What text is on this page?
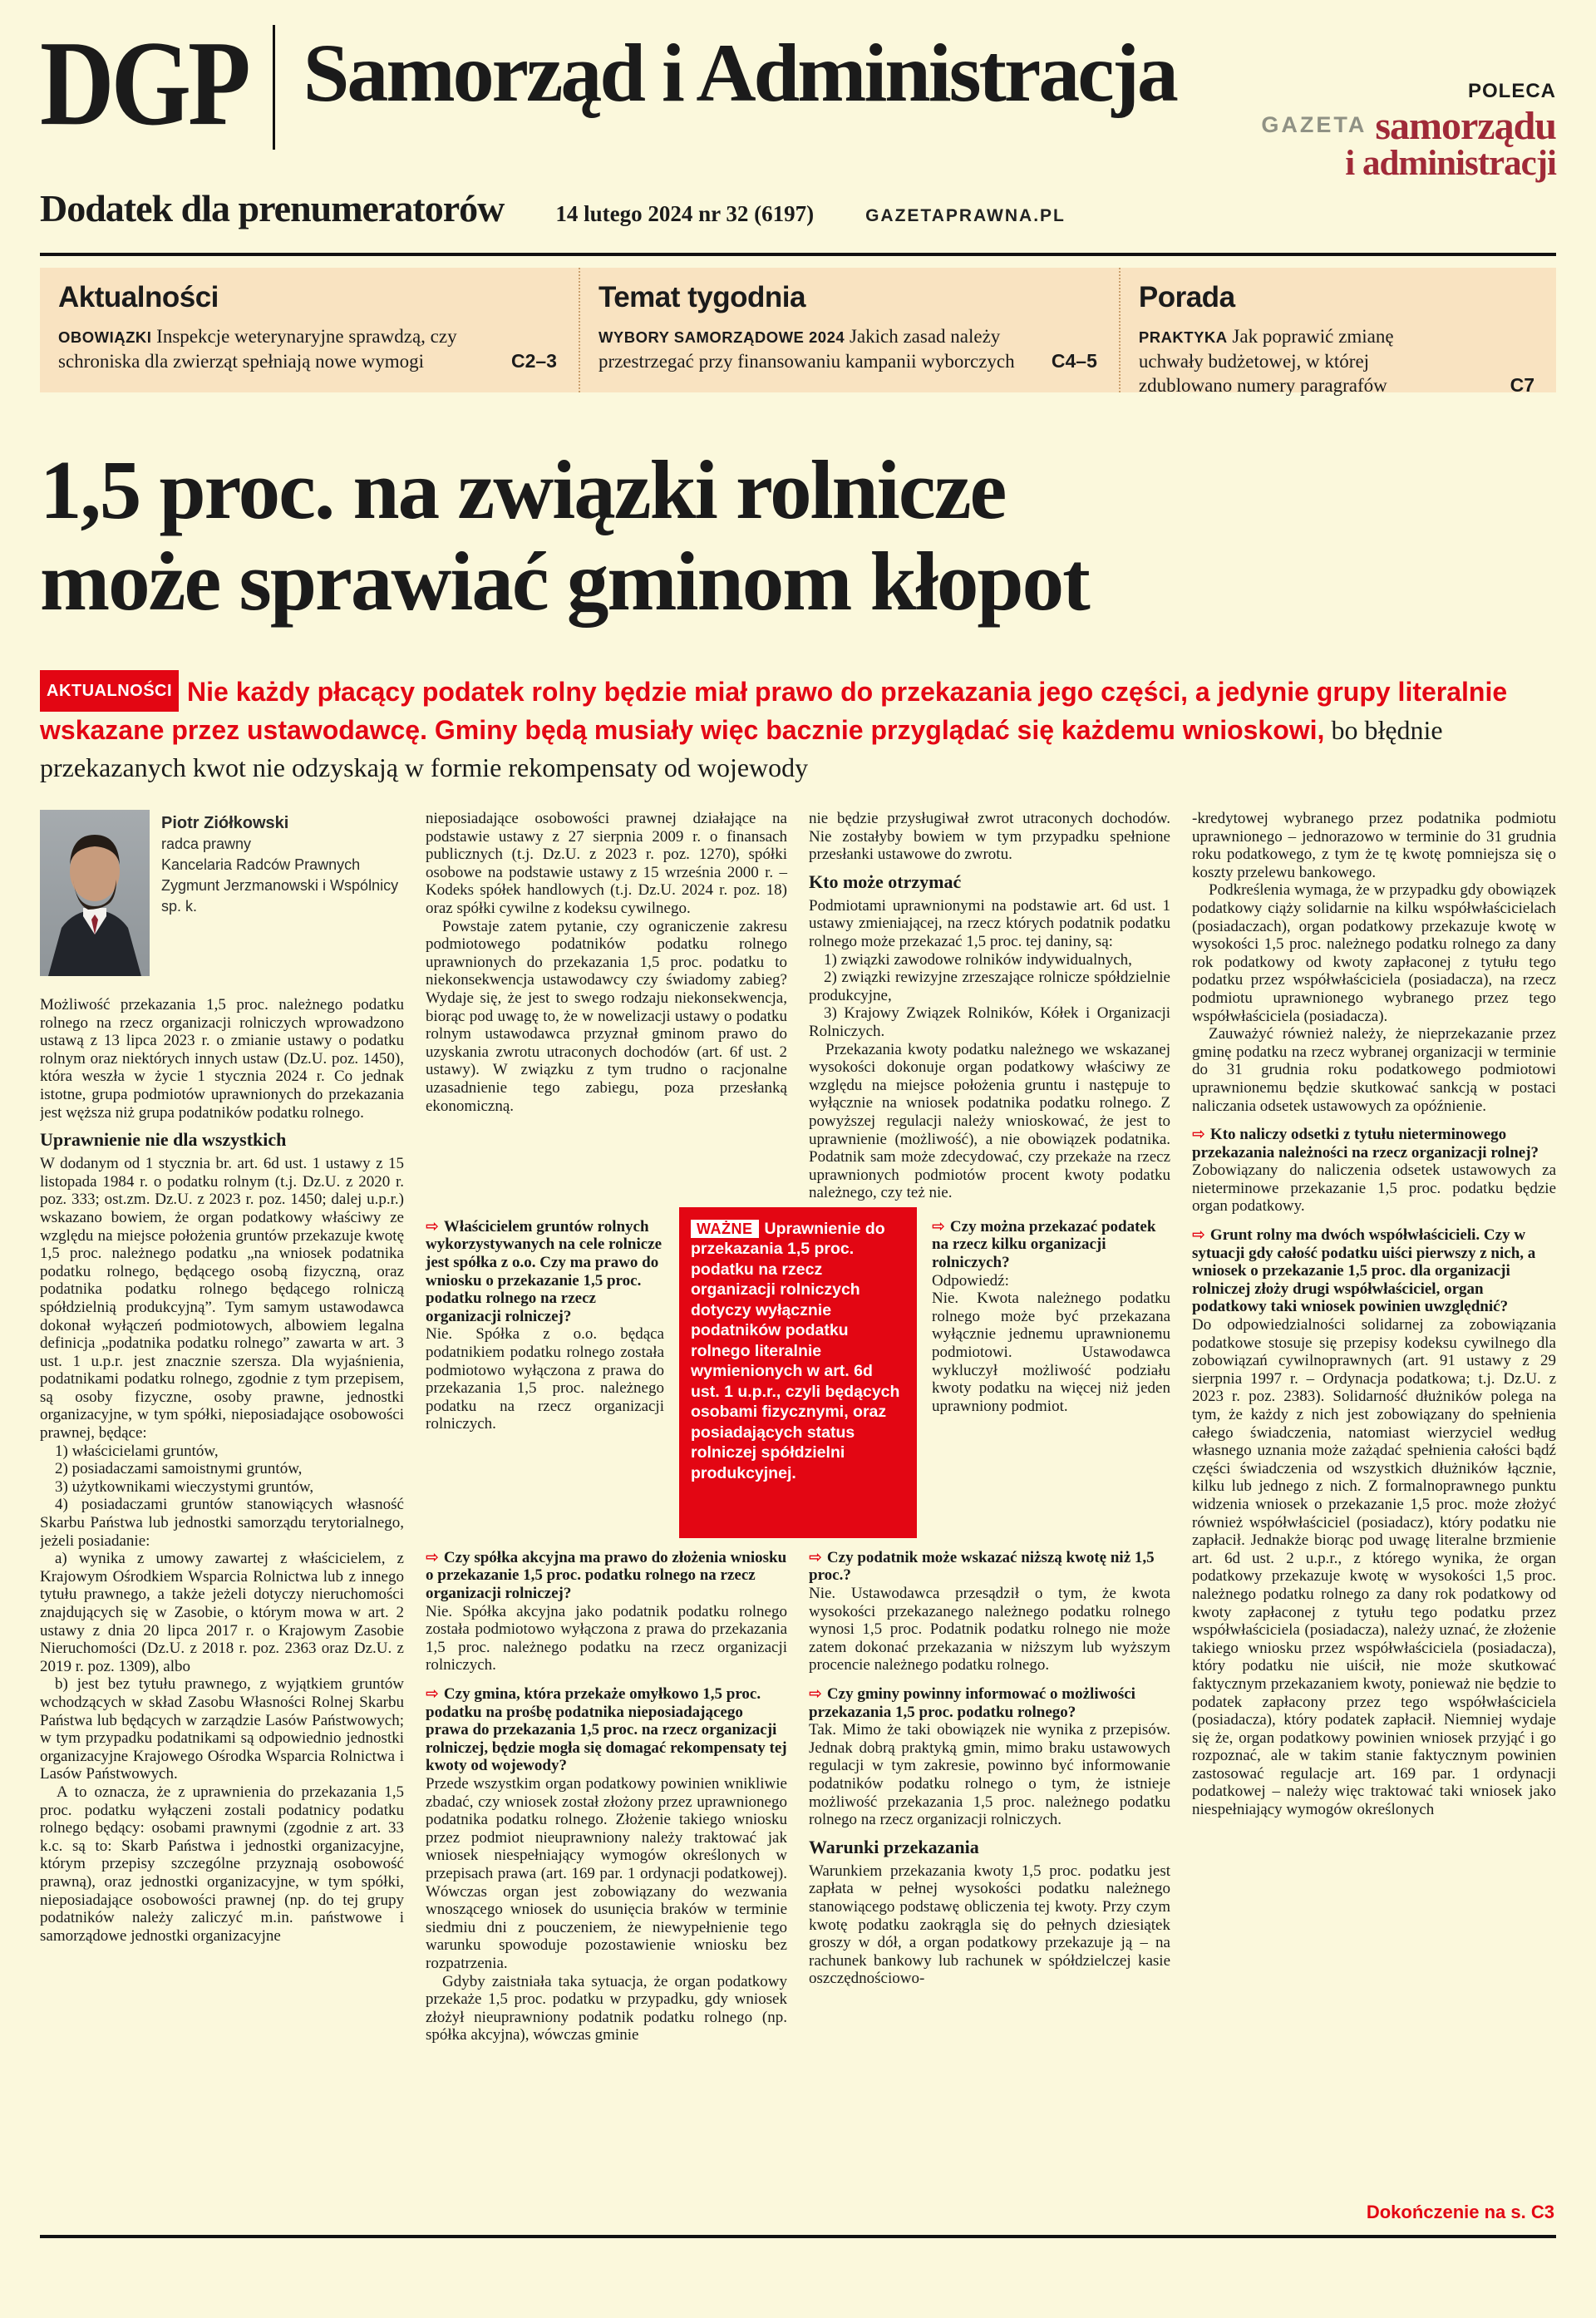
DGP Samorząd i Administracja	POLECA
GAZETA samorządu
i administracji
Dodatek dla prenumeratorów 14 lutego 2024 nr 32 (6197)	GAZETAPRAWNA.PL
Aktualności
OBOWIĄZKI Inspekcje weterynaryjne sprawdzą, czy schroniska dla zwierząt spełniają nowe wymogi	C2–3
Temat tygodnia
WYBORY SAMORZĄDOWE 2024 Jakich zasad należy przestrzegać przy finansowaniu kampanii wyborczych C4–5
Porada
PRAKTYKA Jak poprawić zmianę uchwały budżetowej, w której zdublowano numery paragrafów	C7
1,5 proc. na związki rolnicze
może sprawiać gminom kłopot
AKTUALNOŚCI Nie każdy płacący podatek rolny będzie miał prawo do przekazania jego części, a jedynie grupy literalnie wskazane przez ustawodawcę. Gminy będą musiały więc bacznie przyglądać się każdemu wnioskowi, bo błędnie przekazanych kwot nie odzyskają w formie rekompensaty od wojewody
Piotr Ziółkowski
radca prawny
Kancelaria Radców Prawnych
Zygmunt Jerzmanowski i Wspólnicy
sp. k.

Możliwość przekazania 1,5 proc. należnego podatku rolnego na rzecz organizacji rolniczych wprowadzono ustawą z 13 lipca 2023 r. o zmianie ustawy o podatku rolnym oraz niektórych innych ustaw (Dz.U. poz. 1450), która weszła w życie 1 stycznia 2024 r. Co jednak istotne, grupa podmiotów uprawnionych do przekazania jest węższa niż grupa podatników podatku rolnego.

Uprawnienie nie dla wszystkich

W dodanym od 1 stycznia br. art. 6d ust. 1 ustawy z 15 listopada 1984 r. o podatku rolnym (t.j. Dz.U. z 2020 r. poz. 333; ost.zm. Dz.U. z 2023 r. poz. 1450; dalej u.p.r.) wskazano bowiem, że organ podatkowy właściwy ze względu na miejsce położenia gruntów przekazuje kwotę 1,5 proc. należnego podatku „na wniosek podatnika podatku rolnego, będącego osobą fizyczną, oraz podatnika podatku rolnego będącego rolniczą spółdzielnią produkcyjną”. Tym samym ustawodawca dokonał wyłączeń podmiotowych, albowiem legalna definicja „podatnika podatku rolnego” zawarta w art. 3 ust. 1 u.p.r. jest znacznie szersza. Dla wyjaśnienia, podatnikami podatku rolnego, zgodnie z tym przepisem, są osoby fizyczne, osoby prawne, jednostki organizacyjne, w tym spółki, nieposiadające osobowości prawnej, będące:

1) właścicielami gruntów,

2) posiadaczami samoistnymi gruntów,

3) użytkownikami wieczystymi gruntów,

4) posiadaczami gruntów stanowiących własność Skarbu Państwa lub jednostki samorządu terytorialnego, jeżeli posiadanie:

a) wynika z umowy zawartej z właścicielem, z Krajowym Ośrodkiem Wsparcia Rolnictwa lub z innego tytułu prawnego, a także jeżeli dotyczy nieruchomości znajdujących się w Zasobie, o którym mowa w art. 2 ustawy z dnia 20 lipca 2017 r. o Krajowym Zasobie Nieruchomości (Dz.U. z 2018 r. poz. 2363 oraz Dz.U. z 2019 r. poz. 1309), albo

b) jest bez tytułu prawnego, z wyjątkiem gruntów wchodzących w skład Zasobu Własności Rolnej Skarbu Państwa lub będących w zarządzie Lasów Państwowych; w tym przypadku podatnikami są odpowiednio jednostki organizacyjne Krajowego Ośrodka Wsparcia Rolnictwa i Lasów Państwowych.

A to oznacza, że z uprawnienia do przekazania 1,5 proc. podatku wyłączeni zostali podatnicy podatku rolnego będący: osobami prawnymi (zgodnie z art. 33 k.c. są to: Skarb Państwa i jednostki organizacyjne, którym przepisy szczególne przyznają osobowość prawną), oraz jednostki organizacyjne, w tym spółki, nieposiadające osobowości prawnej (np. do tej grupy podatników należy zaliczyć m.in. państwowe i samorządowe jednostki organizacyjne

nieposiadające osobowości prawnej działające na podstawie ustawy z 27 sierpnia 2009 r. o finansach publicznych (t.j. Dz.U. z 2023 r. poz. 1270), spółki osobowe na podstawie ustawy z 15 września 2000 r. – Kodeks spółek handlowych (t.j. Dz.U. 2024 r. poz. 18) oraz spółki cywilne z kodeksu cywilnego.

Powstaje zatem pytanie, czy ograniczenie zakresu podmiotowego podatników podatku rolnego uprawnionych do przekazania 1,5 proc. podatku to niekonsekwencja ustawodawcy czy świadomy zabieg? Wydaje się, że jest to swego rodzaju niekonsekwencja, biorąc pod uwagę to, że w nowelizacji ustawy o podatku rolnym ustawodawca przyznał gminom prawo do uzyskania zwrotu utraconych dochodów (art. 6f ust. 2 ustawy). W związku z tym trudno o racjonalne uzasadnienie tego zabiegu, poza przesłanką ekonomiczną.

nie będzie przysługiwał zwrot utraconych dochodów. Nie zostałyby bowiem w tym przypadku spełnione przesłanki ustawowe do zwrotu.

Kto może otrzymać

Podmiotami uprawnionymi na podstawie art. 6d ust. 1 ustawy zmieniającej, na rzecz których podatnik podatku rolnego może przekazać 1,5 proc. tej daniny, są:

1) związki zawodowe rolników indywidualnych,

2) związki rewizyjne zrzeszające rolnicze spółdzielnie produkcyjne,

3) Krajowy Związek Rolników, Kółek i Organizacji Rolniczych.

Przekazania kwoty podatku należnego we wskazanej wysokości dokonuje organ podatkowy właściwy ze względu na miejsce położenia gruntu i następuje to wyłącznie na wniosek podatnika podatku rolnego. Z powyższej regulacji należy wnioskować, że jest to uprawnienie (możliwość), a nie obowiązek podatnika. Podatnik sam może zdecydować, czy przekaże na rzecz uprawnionych podmiotów procent kwoty podatku należnego, czy też nie.

⇨ Właścicielem gruntów rolnych wykorzystywanych na cele rolnicze jest spółka z o.o. Czy ma prawo do wniosku o przekazanie 1,5 proc. podatku rolnego na rzecz organizacji rolniczej?

Nie. Spółka z o.o. będąca podatnikiem podatku rolnego została podmiotowo wyłączona z prawa do przekazania 1,5 proc. należnego podatku na rzecz organizacji rolniczych.

WAŻNE Uprawnienie do przekazania 1,5 proc. podatku na rzecz organizacji rolniczych dotyczy wyłącznie podatników podatku rolnego literalnie wymienionych w art. 6d ust. 1 u.p.r., czyli będących osobami fizycznymi, oraz posiadających status rolniczej spółdzielni produkcyjnej.

⇨ Czy można przekazać podatek na rzecz kilku organizacji rolniczych?

Odpowiedź:

Nie. Kwota należnego podatku rolnego może być przekazana wyłącznie jednemu uprawnionemu podmiotowi. Ustawodawca wykluczył możliwość podziału kwoty podatku na więcej niż jeden uprawniony podmiot.

⇨ Czy spółka akcyjna ma prawo do złożenia wniosku o przekazanie 1,5 proc. podatku rolnego na rzecz organizacji rolniczej?

Nie. Spółka akcyjna jako podatnik podatku rolnego została podmiotowo wyłączona z prawa do przekazania 1,5 proc. należnego podatku na rzecz organizacji rolniczych.

⇨ Czy gmina, która przekaże omyłkowo 1,5 proc. podatku na prośbę podatnika nieposiadającego prawa do przekazania 1,5 proc. na rzecz organizacji rolniczej, będzie mogła się domagać rekompensaty tej kwoty od wojewody?

Przede wszystkim organ podatkowy powinien wnikliwie zbadać, czy wniosek został złożony przez uprawnionego podatnika podatku rolnego. Złożenie takiego wniosku przez podmiot nieuprawniony należy traktować jak wniosek niespełniający wymogów określonych w przepisach prawa (art. 169 par. 1 ordynacji podatkowej). Wówczas organ jest zobowiązany do wezwania wnoszącego wniosek do usunięcia braków w terminie siedmiu dni z pouczeniem, że niewypełnienie tego warunku spowoduje pozostawienie wniosku bez rozpatrzenia.

Gdyby zaistniała taka sytuacja, że organ podatkowy przekaże 1,5 proc. podatku w przypadku, gdy wniosek złożył nieuprawniony podatnik podatku rolnego (np. spółka akcyjna), wówczas gminie

⇨ Czy podatnik może wskazać niższą kwotę niż 1,5 proc.?

Nie. Ustawodawca przesądził o tym, że kwota wysokości przekazanego należnego podatku rolnego wynosi 1,5 proc. Podatnik podatku rolnego nie może zatem dokonać przekazania w niższym lub wyższym procencie należnego podatku rolnego.

⇨ Czy gminy powinny informować o możliwości przekazania 1,5 proc. podatku rolnego?

Tak. Mimo że taki obowiązek nie wynika z przepisów. Jednak dobrą praktyką gmin, mimo braku ustawowych regulacji w tym zakresie, powinno być informowanie podatników podatku rolnego o tym, że istnieje możliwość przekazania 1,5 proc. należnego podatku rolnego na rzecz organizacji rolniczych.

Warunki przekazania

Warunkiem przekazania kwoty 1,5 proc. podatku jest zapłata w pełnej wysokości podatku należnego stanowiącego podstawę obliczenia tej kwoty. Przy czym kwotę podatku zaokrągla się do pełnych dziesiątek groszy w dół, a organ podatkowy przekazuje ją – na rachunek bankowy lub rachunek w spółdzielczej kasie oszczędnościowo-

-kredytowej wybranego przez podatnika podmiotu uprawnionego – jednorazowo w terminie do 31 grudnia roku podatkowego, z tym że tę kwotę pomniejsza się o koszty przelewu bankowego.

Podkreślenia wymaga, że w przypadku gdy obowiązek podatkowy ciąży solidarnie na kilku współwłaścicielach (posiadaczach), organ podatkowy przekazuje kwotę w wysokości 1,5 proc. należnego podatku rolnego za dany rok podatkowy od kwoty zapłaconej z tytułu tego podatku przez współwłaściciela (posiadacza), na rzecz podmiotu uprawnionego wybranego przez tego współwłaściciela (posiadacza).

Zauważyć również należy, że nieprzekazanie przez gminę podatku na rzecz wybranej organizacji w terminie do 31 grudnia roku podatkowego podmiotowi uprawnionemu będzie skutkować sankcją w postaci naliczania odsetek ustawowych za opóźnienie.

⇨ Kto naliczy odsetki z tytułu nieterminowego przekazania należności na rzecz organizacji rolnej?

Zobowiązany do naliczenia odsetek ustawowych za nieterminowe przekazanie 1,5 proc. podatku będzie organ podatkowy.

⇨ Grunt rolny ma dwóch współwłaścicieli. Czy w sytuacji gdy całość podatku uiści pierwszy z nich, a wniosek o przekazanie 1,5 proc. dla organizacji rolniczej złoży drugi współwłaściciel, organ podatkowy taki wniosek powinien uwzględnić?

Do odpowiedzialności solidarnej za zobowiązania podatkowe stosuje się przepisy kodeksu cywilnego dla zobowiązań cywilnoprawnych (art. 91 ustawy z 29 sierpnia 1997 r. – Ordynacja podatkowa; t.j. Dz.U. z 2023 r. poz. 2383). Solidarność dłużników polega na tym, że każdy z nich jest zobowiązany do spełnienia całego świadczenia, natomiast wierzyciel według własnego uznania może zażądać spełnienia całości bądź części świadczenia od wszystkich dłużników łącznie, kilku lub jednego z nich. Z formalnoprawnego punktu widzenia wniosek o przekazanie 1,5 proc. może złożyć również współwłaściciel (posiadacz), który podatku nie zapłacił. Jednakże biorąc pod uwagę literalne brzmienie art. 6d ust. 2 u.p.r., z którego wynika, że organ podatkowy przekazuje kwotę w wysokości 1,5 proc. należnego podatku rolnego za dany rok podatkowy od kwoty zapłaconej z tytułu tego podatku przez współwłaściciela (posiadacza), należy uznać, że złożenie takiego wniosku przez współwłaściciela (posiadacza), który podatku nie uiścił, nie może skutkować faktycznym przekazaniem kwoty, ponieważ nie będzie to podatek zapłacony przez tego współwłaściciela (posiadacza), który podatek zapłacił. Niemniej wydaje się że, organ podatkowy powinien wniosek przyjąć i go rozpoznać, ale w takim stanie faktycznym powinien zastosować regulacje art. 169 par. 1 ordynacji podatkowej – należy więc traktować taki wniosek jako niespełniający wymogów określonych

Dokończenie na s. C3
